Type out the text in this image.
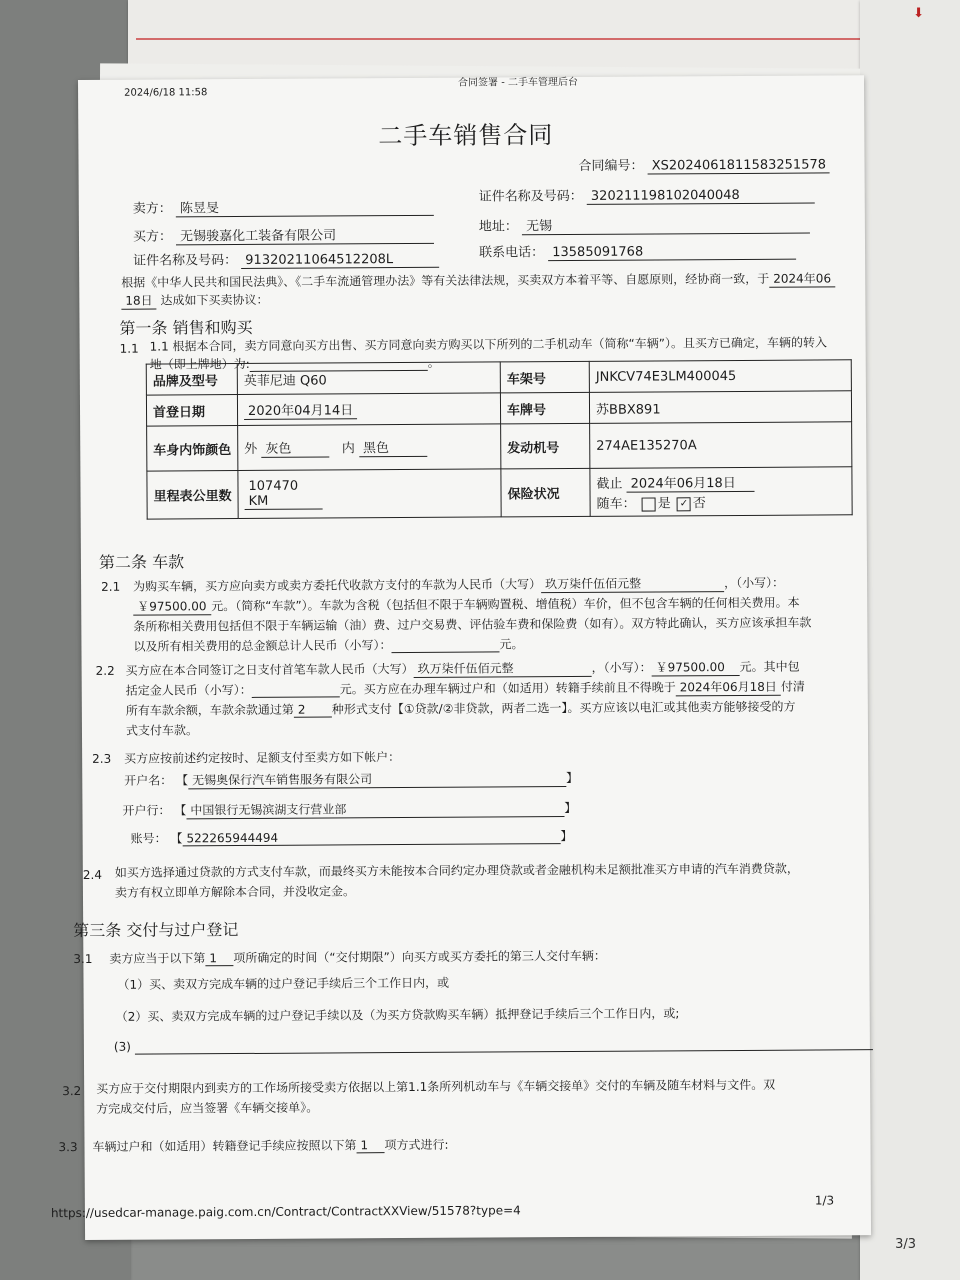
⬇
3/3
2024/6/18 11:58
合同签署 - 二手车管理后台
二手车销售合同
合同编号： XS2024061811583251578
卖方： 陈昱旻
证件名称及号码： 320211198102040048
买方： 无锡骏嘉化工装备有限公司
地址： 无锡
证件名称及号码： 91320211064512208L	联系电话： 13585091768
根据《中华人民共和国民法典》、《二手车流通管理办法》等有关法律法规，买卖双方本着平等、自愿原则，经协商一致，于 2024年06
18日 达成如下买卖协议：
第一条 销售和购买
1.1 1.1 根据本合同，卖方同意向买方出售、买方同意向卖方购买以下所列的二手机动车（简称“车辆”）。且买方已确定，车辆的转入
地（即上牌地）为:	。
品牌及型号	英菲尼迪 Q60	车架号	JNKCV74E3LM400045
首登日期	2020年04月14日	车牌号	苏BBX891
车身内饰颜色	外 灰色 内 黑色	发动机号	274AE135270A
里程表公里数	107470 KM	保险状况	截止 2024年06月18日
随车： 是 ✓ 否
第二条 车款
2.1 为购买车辆，买方应向卖方或卖方委托代收款方支付的车款为人民币（大写） 玖万柒仟伍佰元整	，（小写）：
￥97500.00 元。（简称“车款”）。车款为含税（包括但不限于车辆购置税、增值税）车价，但不包含车辆的任何相关费用。本
条所称相关费用包括但不限于车辆运输（油）费、过户交易费、评估验车费和保险费（如有）。双方特此确认，买方应该承担车款
以及所有相关费用的总金额总计人民币（小写）：	元。
2.2 买方应在本合同签订之日支付首笔车款人民币（大写） 玖万柒仟伍佰元整	，（小写）： ￥97500.00 元。其中包
括定金人民币（小写）：	元。买方应在办理车辆过户和（如适用）转籍手续前且不得晚于 2024年06月18日 付清
所有车款余额，车款余款通过第 2 种形式支付【①贷款/②非贷款，两者二选一】。买方应该以电汇或其他卖方能够接受的方
式支付车款。
2.3 买方应按前述约定按时、足额支付至卖方如下帐户：
开户名： 【 无锡奥保行汽车销售服务有限公司	】
开户行： 【 中国银行无锡滨湖支行营业部	】
账号： 【 522265944494	】
2.4 如买方选择通过贷款的方式支付车款，而最终买方未能按本合同约定办理贷款或者金融机构未足额批准买方申请的汽车消费贷款，
卖方有权立即单方解除本合同，并没收定金。
第三条 交付与过户登记
3.1 卖方应当于以下第 1 项所确定的时间（“交付期限”）向买方或买方委托的第三人交付车辆：
（1）买、卖双方完成车辆的过户登记手续后三个工作日内，或
（2）买、卖双方完成车辆的过户登记手续以及（为买方贷款购买车辆）抵押登记手续后三个工作日内，或;
(3)
3.2 买方应于交付期限内到卖方的工作场所接受卖方依据以上第1.1条所列机动车与《车辆交接单》交付的车辆及随车材料与文件。双
方完成交付后，应当签署《车辆交接单》。
3.3 车辆过户和（如适用）转籍登记手续应按照以下第 1 项方式进行:
https://usedcar-manage.paig.com.cn/Contract/ContractXXView/51578?type=4
1/3
